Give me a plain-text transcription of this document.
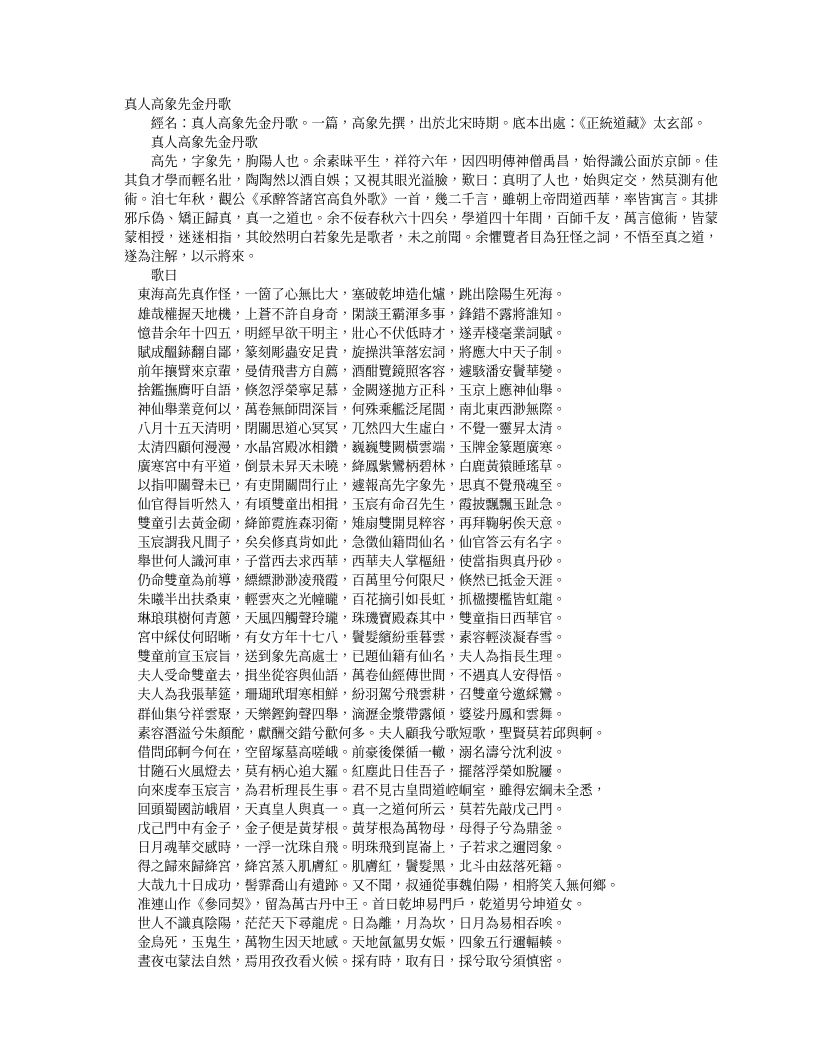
真人高象先金丹歌

經名：真人高象先金丹歌。一篇，高象先撰，出於北宋時期。底本出處：《正統道藏》太玄部。

真人高象先金丹歌

高先，字象先，朐陽人也。余素昧平生，祥符六年，因四明傳神僧禹昌，始得識公面於京師。佳其負才學而輕名壯，陶陶然以酒自娛；又視其眼光溢臉，歎曰：真明了人也，始與定交，然莫測有他術。洎七年秋，觀公《承醉答諸宮高負外歌》一首，幾二千言，雖朝上帝問道西華，率皆寓言。其排邪斥偽、矯正歸真，真一之道也。余不佞春秋六十四矣，學道四十年間，百師千友，萬言億術，皆蒙蒙相授，迷迷相指，其皎然明白若象先是歌者，未之前聞。余懼覽者目為狂怪之詞，不悟至真之道，遂為注解，以示將來。

歌曰

東海高先真作怪，一箇了心無比大，塞破乾坤造化爐，跳出陰陽生死海。

雄哉權握天地機，上蒼不許自身奇，閑談王霸渾多事，鋒錯不露將誰知。

憶昔余年十四五，明經早欲干明主，壯心不伏低時才，遂弄棧毫業詞賦。

賦成醞䤲翻自鄙，篆刻彫蟲安足貴，旋操洪筆落宏詞，將應大中天子制。

前年攘臂來京輩，曼倩飛書方自薦，酒酣覽鏡照客容，遽駭潘安鬢華變。

捨鑑撫膺吁自語，倏忽浮榮寧足慕，金闕遂拋方正科，玉京上應神仙舉。

神仙舉業竟何以，萬卷無師問深旨，何殊乘艦泛尾閭，南北東西渺無際。

八月十五天清明，閉關思道心冥冥，兀然四大生虛白，不覺一靈昇太清。

太清四顧何漫漫，水晶宮殿冰相鑽，巍巍雙闕橫雲端，玉牌金篆題廣寒。

廣寒宮中有平道，倒景未昇天未曉，絳鳳紫鸞柄碧林，白鹿黃猿睡瑤草。

以指叩關聲未已，有吏開關問行止，遽報高先字象先，思真不覺飛魂至。

仙官得旨听然入，有頃雙童出相揖，玉宸有命召先生，霞披飄飄玉趾急。

雙童引去黃金砌，絳節霓旌森羽衛，雉扇雙開見粹容，再拜鞠躬俟天意。

玉宸謂我凡間子，矣矣修真肯如此，急徵仙籍問仙名，仙官答云有名字。

舉世何人識河車，子當西去求西華，西華夫人掌樞紐，使當指與真丹砂。

仍命雙童為前導，縹縹渺渺凌飛霞，百萬里兮何限尺，倏然已抵金天涯。

朱曦半出扶桑東，輕雲夾之光幢曨，百花摘引如長虹，抓楹攖檻皆虹龍。

琳琅琪樹何青蔥，天風四觸聲玲瓏，珠璣寶殿森其中，雙童指曰西華官。

宮中綵仗何昭晰，有女方年十七八，鬢髮繽紛垂暮雲，素容輕淡凝春雪。

雙童前宣玉宸旨，送到象先高處士，已題仙籍有仙名，夫人為指長生理。

夫人受命雙童去，揖坐從容與仙語，萬卷仙經傳世間，不遇真人安得悟。

夫人為我張華筵，珊瑚玳瑁寒相鮮，紛羽駕兮飛雲耕，召雙童兮邀綵鸞。

群仙集兮祥雲聚，天樂鏗鉤聲四舉，滴瀝金漿帶露傾，婆娑丹鳳和雲舞。

素容潛溢兮朱顏酡，獻酬交錯兮歡何多。夫人顧我兮歌短歌，聖賢莫若邱與軻。

借問邱軻今何在，空留塚墓高嗟峨。前豪後傑循一轍，溺名濤兮沈利波。

甘隨石火風燈去，莫有柄心追大羅。紅塵此日佳吾子，擺落浮榮如脫屨。

向來虔奉玉宸言，為君析理長生事。君不見古皇問道崆峒室，雖得宏綱未全悉，

回頭蜀國訪峨眉，天真皇人與真一。真一之道何所云，莫若先敲戊己門。

戊己門中有金子，金子便是黃芽根。黃芽根為萬物母，母得子兮為鼎釜。

日月魂華交感時，一浮一沈珠自飛。明珠飛到崑崙上，子若求之邇罔象。

得之歸來歸絳宮，絳宮蒸入肌膚紅。肌膚紅，鬢髮黑，北斗由茲落死籍。

大哉九十日成功，髻霏喬山有遺跡。又不聞，叔通從事魏伯陽，相將笑入無何鄉。

准連山作《參同契》，留為萬古丹中王。首曰乾坤易門戶，乾道男兮坤道女。

世人不識真陰陽，茫茫天下尋龍虎。日為離，月為坎，日月為易相吞唉。

金烏死，玉鬼生，萬物生因天地感。天地氤氳男女娠，四象五行邇輻輳。

晝夜屯蒙法自然，焉用孜孜看火候。採有時，取有日，採兮取兮須慎密。
